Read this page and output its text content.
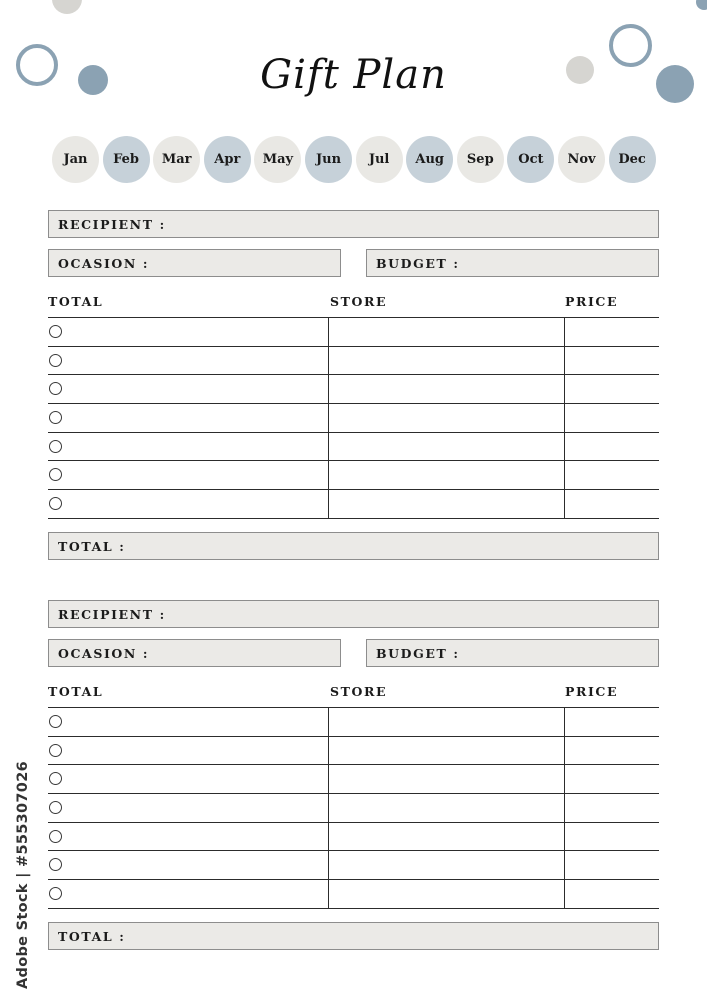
Gift Plan
Jan	Feb	Mar	Apr	May	Jun	Jul	Aug	Sep	Oct	Nov	Dec
RECIPIENT :
OCASION :	BUDGET :
TOTAL	STORE	PRICE
TOTAL :
RECIPIENT :
OCASION :	BUDGET :
TOTAL	STORE	PRICE
TOTAL :
Adobe Stock | #555307026
